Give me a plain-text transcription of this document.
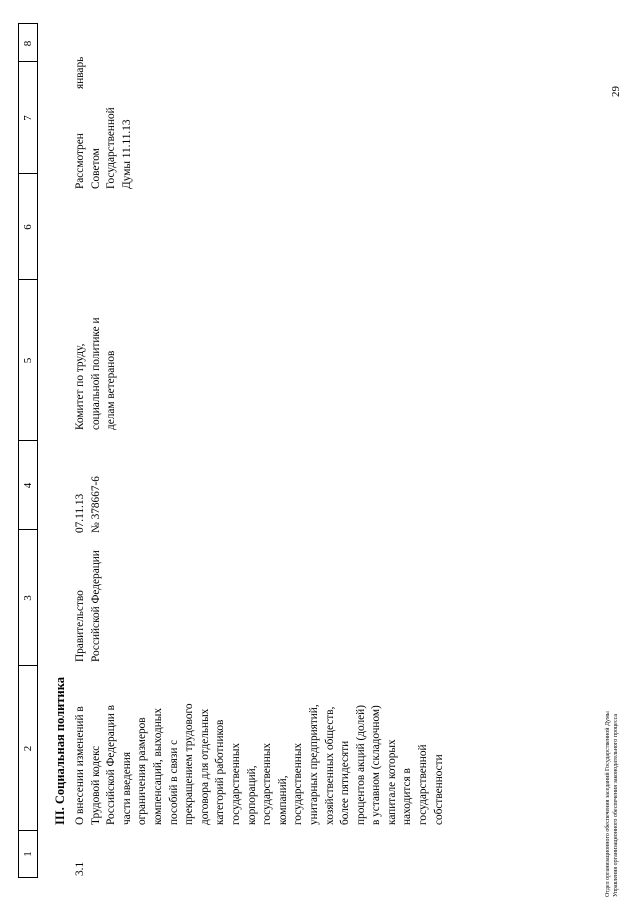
1
2
3
4
5
6
7
8
III. Социальная политика
3.1
О внесении изменений в Трудовой кодекс Российской Федерации в части введения ограничения размеров компенсаций, выходных пособий в связи с прекращением трудового договора для отдельных категорий работников государственных корпораций, государственных компаний, государственных унитарных предприятий, хозяйственных обществ, более пятидесяти процентов акций (долей) в уставном (складочном) капитале которых находится в государственной собственности
Правительство Российской Федерации
07.11.13 № 378667-6
Комитет по труду, социальной политике и делам ветеранов
Рассмотрен Советом Государственной Думы 11.11.13
январь
29
Отдел организационного обеспечения заседаний Государственной Думы Управления организационного обеспечения законодательного процесса
